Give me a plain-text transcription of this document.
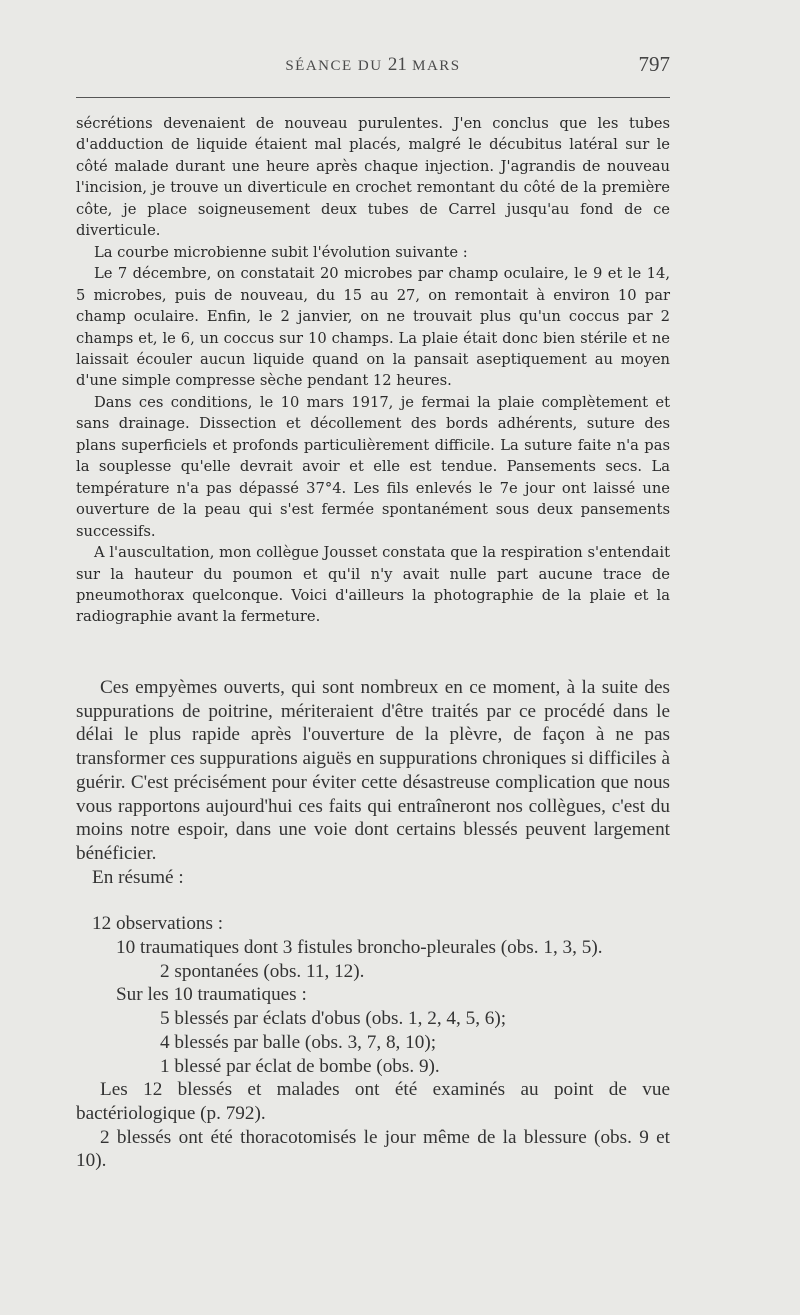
SÉANCE DU 21 MARS	797

sécrétions devenaient de nouveau purulentes. J'en conclus que les tubes d'adduction de liquide étaient mal placés, malgré le décubitus latéral sur le côté malade durant une heure après chaque injection. J'agrandis de nouveau l'incision, je trouve un diverticule en crochet remontant du côté de la première côte, je place soigneusement deux tubes de Carrel jusqu'au fond de ce diverticule.

La courbe microbienne subit l'évolution suivante :

Le 7 décembre, on constatait 20 microbes par champ oculaire, le 9 et le 14, 5 microbes, puis de nouveau, du 15 au 27, on remontait à environ 10 par champ oculaire. Enfin, le 2 janvier, on ne trouvait plus qu'un coccus par 2 champs et, le 6, un coccus sur 10 champs. La plaie était donc bien stérile et ne laissait écouler aucun liquide quand on la pansait aseptiquement au moyen d'une simple compresse sèche pendant 12 heures.

Dans ces conditions, le 10 mars 1917, je fermai la plaie complètement et sans drainage. Dissection et décollement des bords adhérents, suture des plans superficiels et profonds particulièrement difficile. La suture faite n'a pas la souplesse qu'elle devrait avoir et elle est tendue. Pansements secs. La température n'a pas dépassé 37°4. Les fils enlevés le 7e jour ont laissé une ouverture de la peau qui s'est fermée spontanément sous deux pansements successifs.

A l'auscultation, mon collègue Jousset constata que la respiration s'entendait sur la hauteur du poumon et qu'il n'y avait nulle part aucune trace de pneumothorax quelconque. Voici d'ailleurs la photographie de la plaie et la radiographie avant la fermeture.

Ces empyèmes ouverts, qui sont nombreux en ce moment, à la suite des suppurations de poitrine, mériteraient d'être traités par ce procédé dans le délai le plus rapide après l'ouverture de la plèvre, de façon à ne pas transformer ces suppurations aiguës en suppurations chroniques si difficiles à guérir. C'est précisément pour éviter cette désastreuse complication que nous vous rapportons aujourd'hui ces faits qui entraîneront nos collègues, c'est du moins notre espoir, dans une voie dont certains blessés peuvent largement bénéficier.

En résumé :
12 observations :
10 traumatiques dont 3 fistules broncho-pleurales (obs. 1, 3, 5).
2 spontanées (obs. 11, 12).
Sur les 10 traumatiques :
5 blessés par éclats d'obus (obs. 1, 2, 4, 5, 6);
4 blessés par balle (obs. 3, 7, 8, 10);
1 blessé par éclat de bombe (obs. 9).

Les 12 blessés et malades ont été examinés au point de vue bactériologique (p. 792).

2 blessés ont été thoracotomisés le jour même de la blessure (obs. 9 et 10).
